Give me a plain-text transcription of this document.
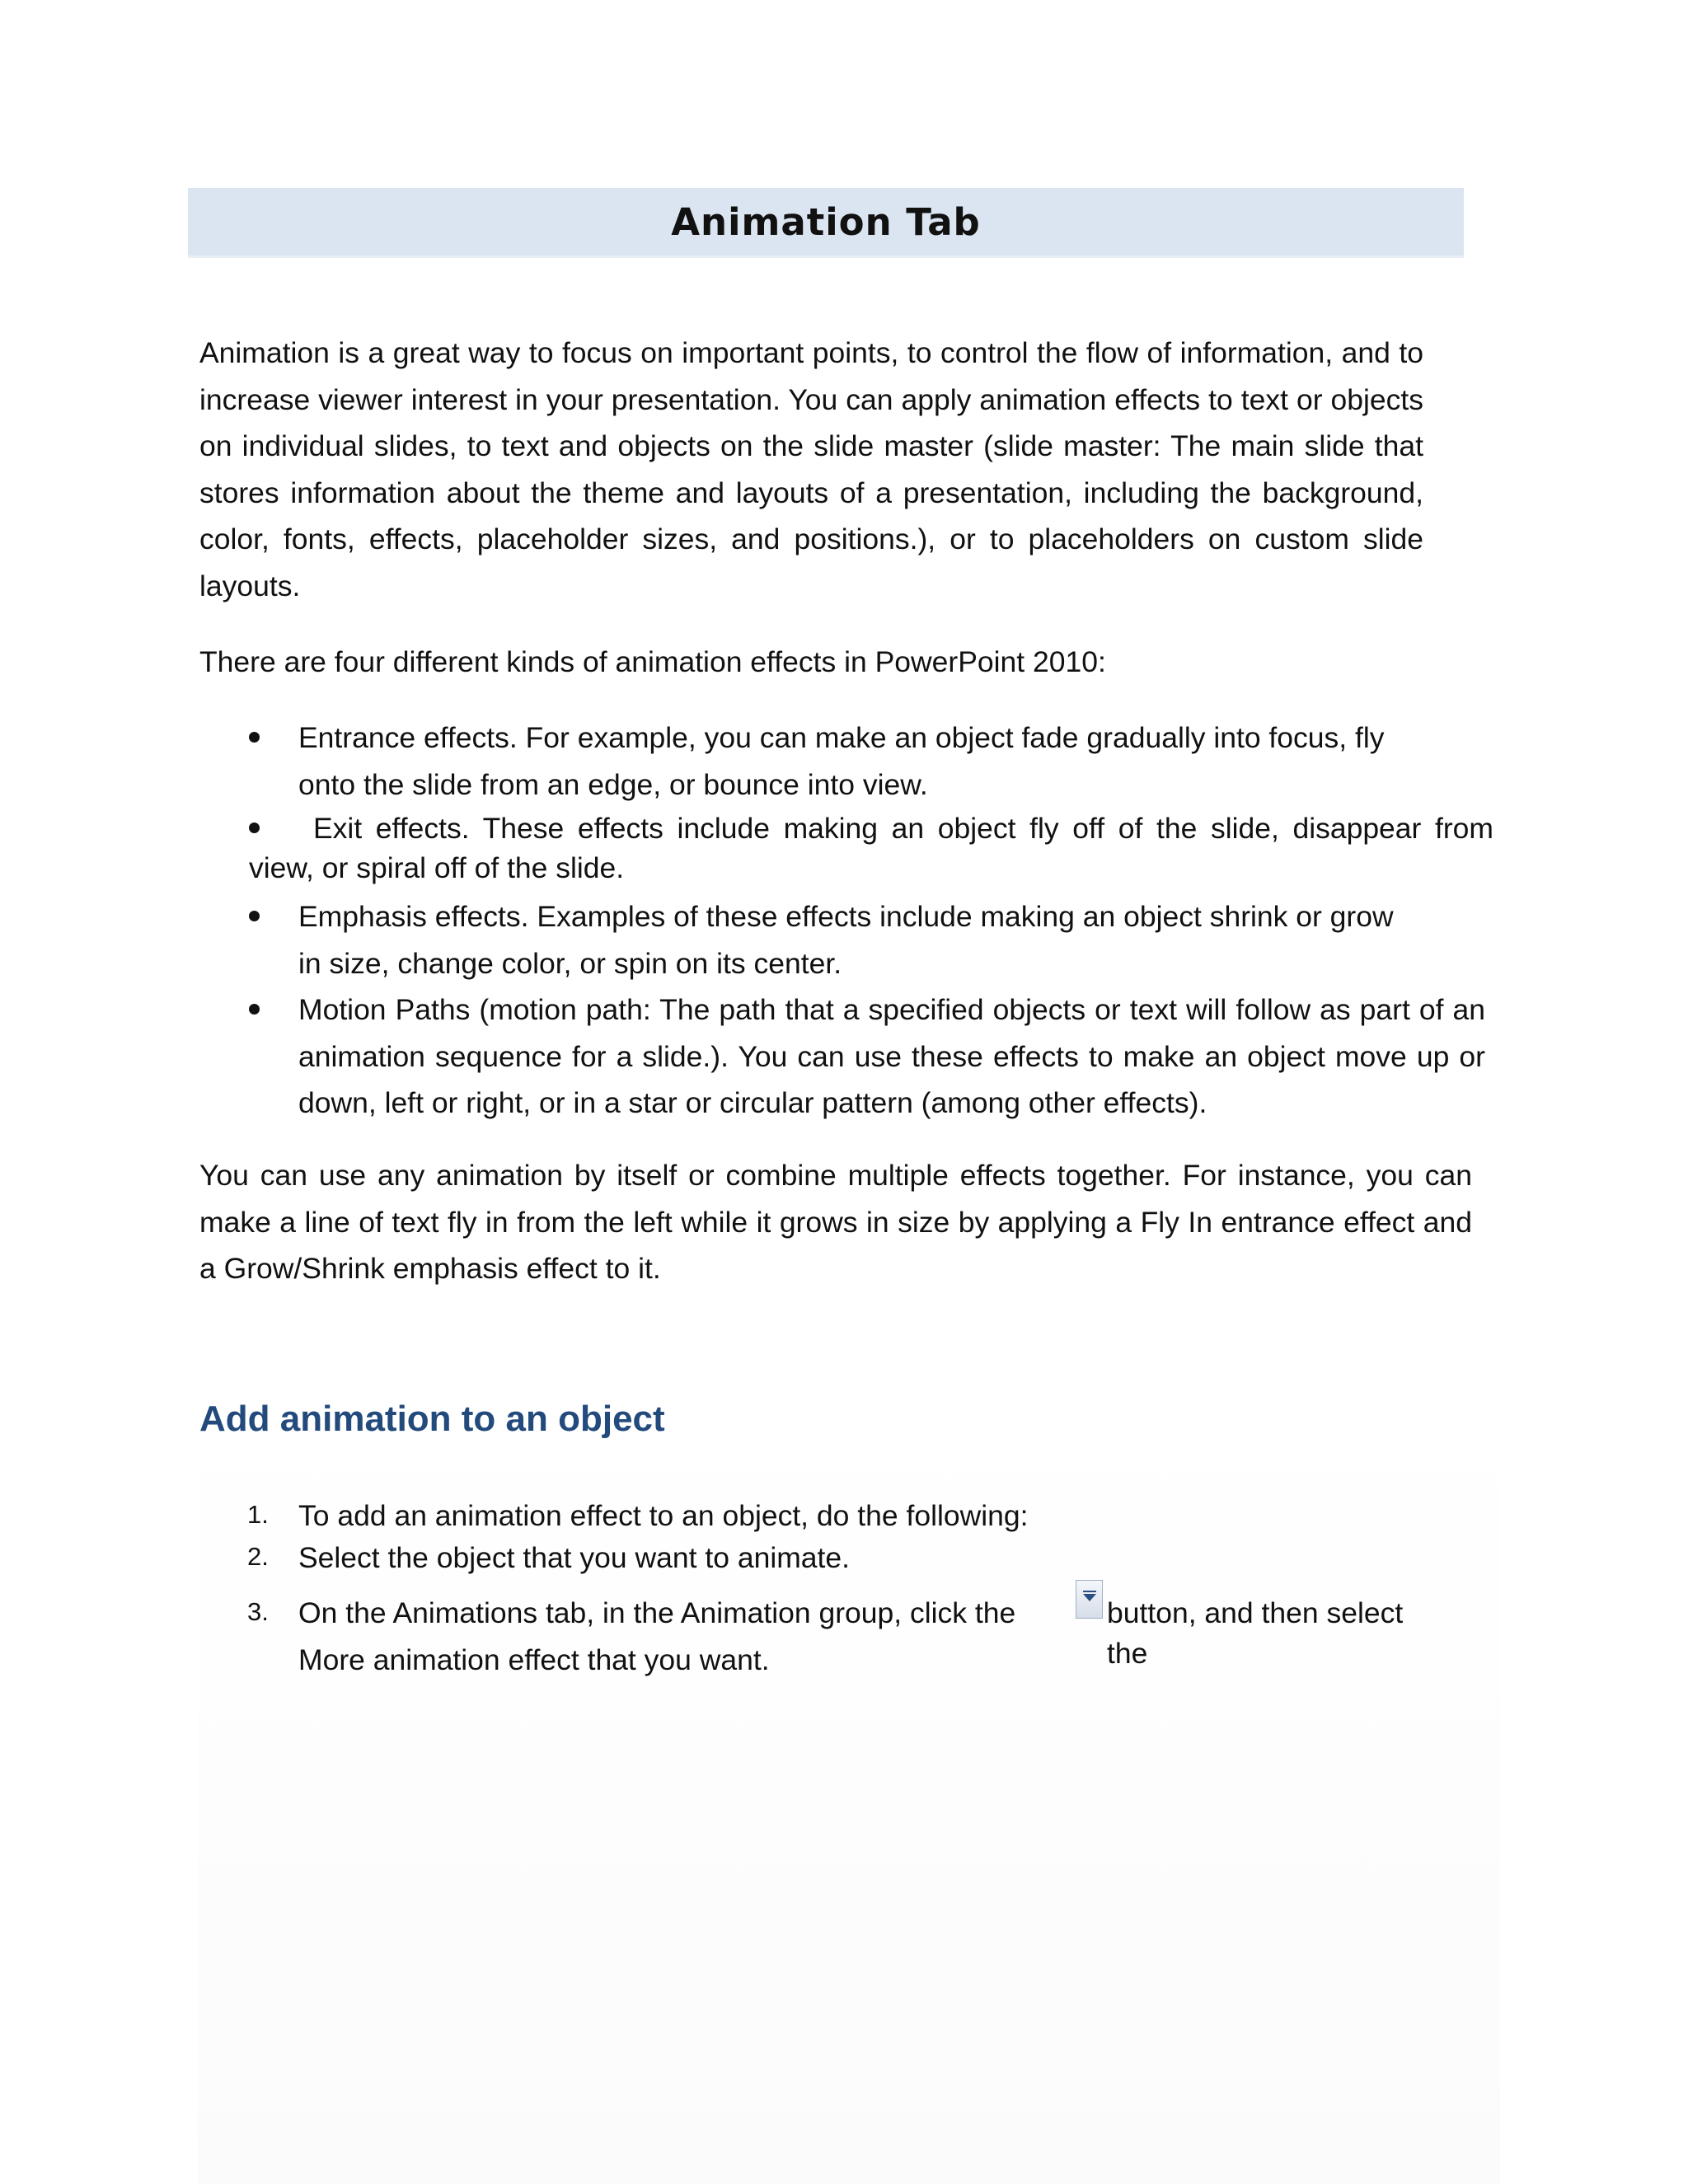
Animation Tab
Animation is a great way to focus on important points, to control the flow of information, and to increase viewer interest in your presentation. You can apply animation effects to text or objects on individual slides, to text and objects on the slide master (slide master: The main slide that stores information about the theme and layouts of a presentation, including the background, color, fonts, effects, placeholder sizes, and positions.), or to placeholders on custom slide layouts.
There are four different kinds of animation effects in PowerPoint 2010:
Entrance effects. For example, you can make an object fade gradually into focus, fly
onto the slide from an edge, or bounce into view.
Exit effects. These effects include making an object fly off of the slide, disappear from
view, or spiral off of the slide.
Emphasis effects. Examples of these effects include making an object shrink or grow
in size, change color, or spin on its center.
Motion Paths (motion path: The path that a specified objects or text will follow as part of an animation sequence for a slide.). You can use these effects to make an object move up or down, left or right, or in a star or circular pattern (among other effects).
You can use any animation by itself or combine multiple effects together. For instance, you can make a line of text fly in from the left while it grows in size by applying a Fly In entrance effect and a Grow/Shrink emphasis effect to it.
Add animation to an object
1. To add an animation effect to an object, do the following:
2. Select the object that you want to animate.
3. On the Animations tab, in the Animation group, click the
More animation effect that you want.
button, and then select
the
